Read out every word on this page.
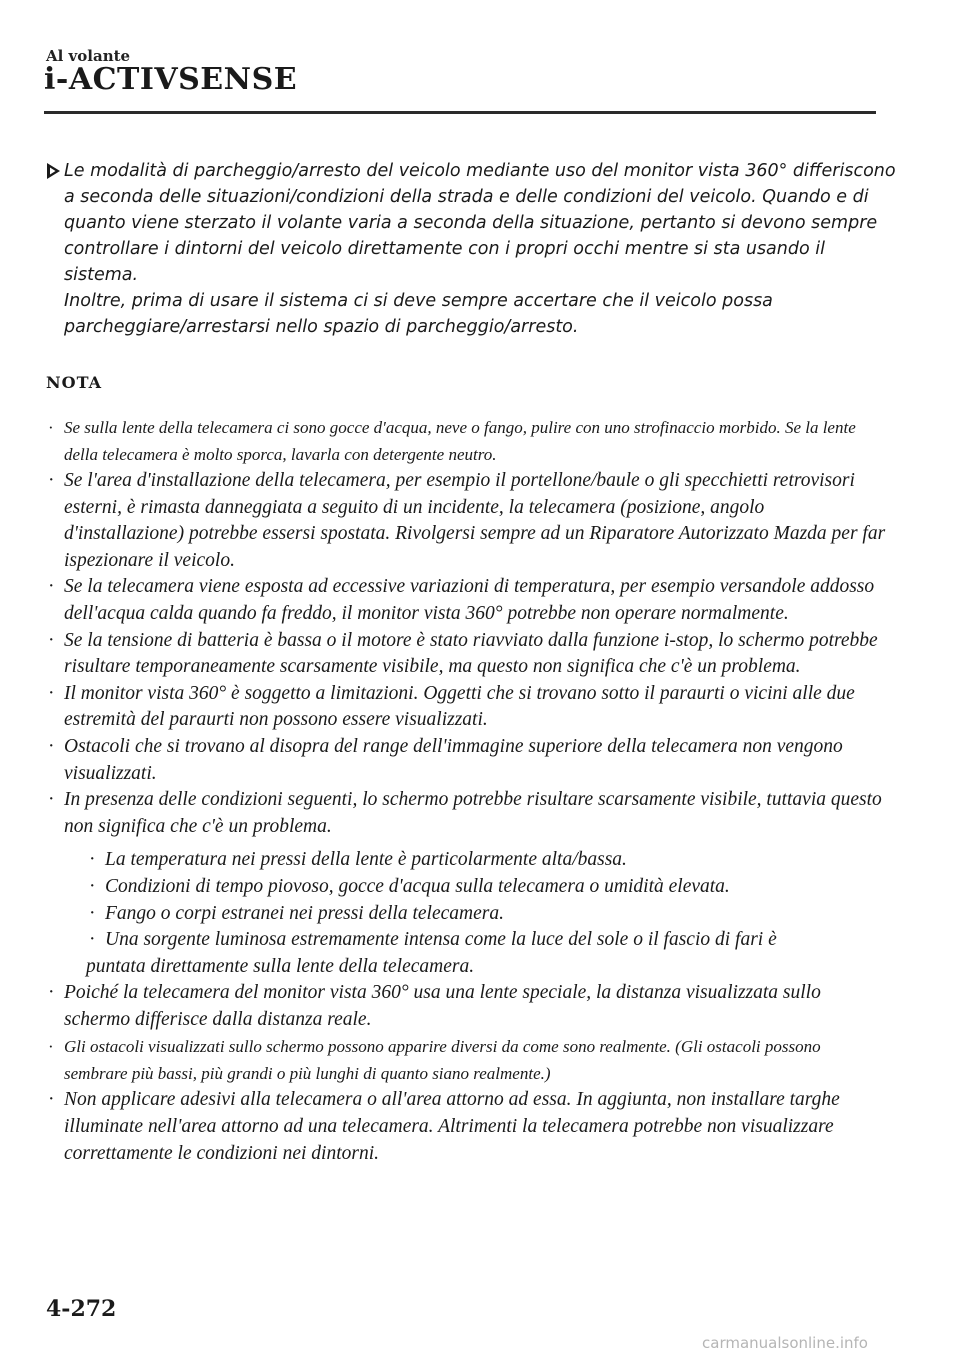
Al volante
i-ACTIVSENSE

Le modalità di parcheggio/arresto del veicolo mediante uso del monitor vista 360° differiscono a seconda delle situazioni/condizioni della strada e delle condizioni del veicolo. Quando e di quanto viene sterzato il volante varia a seconda della situazione, pertanto si devono sempre controllare i dintorni del veicolo direttamente con i propri occhi mentre si sta usando il sistema.

Inoltre, prima di usare il sistema ci si deve sempre accertare che il veicolo possa parcheggiare/arrestarsi nello spazio di parcheggio/arresto.

NOTA
· Se sulla lente della telecamera ci sono gocce d'acqua, neve o fango, pulire con uno strofinaccio morbido. Se la lente della telecamera è molto sporca, lavarla con detergente neutro.
· Se l'area d'installazione della telecamera, per esempio il portellone/baule o gli specchietti retrovisori esterni, è rimasta danneggiata a seguito di un incidente, la telecamera (posizione, angolo d'installazione) potrebbe essersi spostata. Rivolgersi sempre ad un Riparatore Autorizzato Mazda per far ispezionare il veicolo.
· Se la telecamera viene esposta ad eccessive variazioni di temperatura, per esempio versandole addosso dell'acqua calda quando fa freddo, il monitor vista 360° potrebbe non operare normalmente.
· Se la tensione di batteria è bassa o il motore è stato riavviato dalla funzione i-stop, lo schermo potrebbe risultare temporaneamente scarsamente visibile, ma questo non significa che c'è un problema.
· Il monitor vista 360° è soggetto a limitazioni. Oggetti che si trovano sotto il paraurti o vicini alle due estremità del paraurti non possono essere visualizzati.
· Ostacoli che si trovano al disopra del range dell'immagine superiore della telecamera non vengono visualizzati.
· In presenza delle condizioni seguenti, lo schermo potrebbe risultare scarsamente visibile, tuttavia questo non significa che c'è un problema.
· La temperatura nei pressi della lente è particolarmente alta/bassa.
· Condizioni di tempo piovoso, gocce d'acqua sulla telecamera o umidità elevata.
· Fango o corpi estranei nei pressi della telecamera.
· Una sorgente luminosa estremamente intensa come la luce del sole o il fascio di fari è
puntata direttamente sulla lente della telecamera.
· Poiché la telecamera del monitor vista 360° usa una lente speciale, la distanza visualizzata sullo schermo differisce dalla distanza reale.
· Gli ostacoli visualizzati sullo schermo possono apparire diversi da come sono realmente. (Gli ostacoli possono sembrare più bassi, più grandi o più lunghi di quanto siano realmente.)
· Non applicare adesivi alla telecamera o all'area attorno ad essa. In aggiunta, non installare targhe illuminate nell'area attorno ad una telecamera. Altrimenti la telecamera potrebbe non visualizzare correttamente le condizioni nei dintorni.
4-272
carmanualsonline.info
